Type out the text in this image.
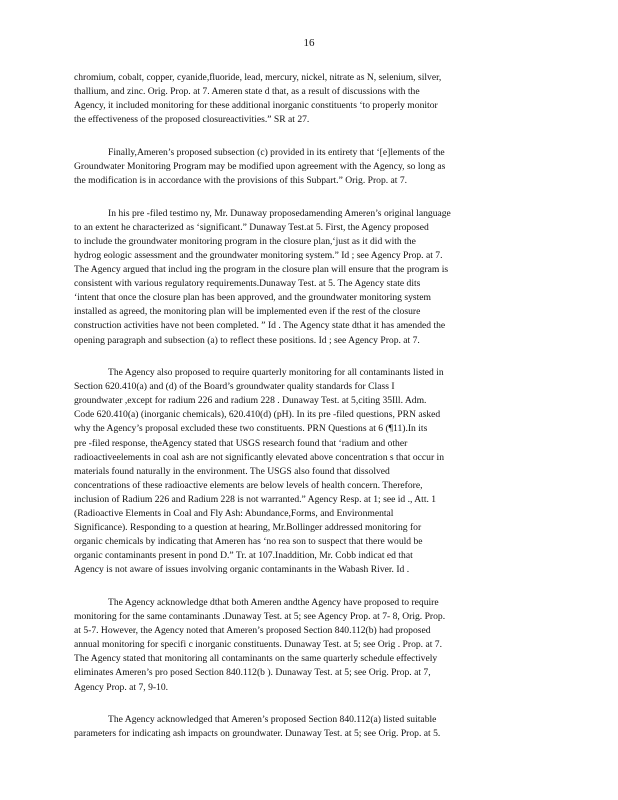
16

chromium, cobalt, copper, cyanide,fluoride, lead, mercury, nickel, nitrate as N, selenium, silver,
thallium, and zinc. Orig. Prop. at 7. Ameren state d that, as a result of discussions with the
Agency, it included monitoring for these additional inorganic constituents ‘to properly monitor
the effectiveness of the proposed closureactivities.” SR at 27.

Finally,Ameren’s proposed subsection (c) provided in its entirety that ‘[e]lements of the
Groundwater Monitoring Program may be modified upon agreement with the Agency, so long as
the modification is in accordance with the provisions of this Subpart.” Orig. Prop. at 7.

In his pre -filed testimo ny, Mr. Dunaway proposedamending Ameren’s original language
to an extent he characterized as ‘significant.” Dunaway Test.at 5. First, the Agency proposed
to include the groundwater monitoring program in the closure plan,‘just as it did with the
hydrog eologic assessment and the groundwater monitoring system.” Id ; see Agency Prop. at 7.
The Agency argued that includ ing the program in the closure plan will ensure that the program is
consistent with various regulatory requirements.Dunaway Test. at 5. The Agency state dits
‘intent that once the closure plan has been approved, and the groundwater monitoring system
installed as agreed, the monitoring plan will be implemented even if the rest of the closure
construction activities have not been completed. ” Id . The Agency state dthat it has amended the
opening paragraph and subsection (a) to reflect these positions. Id ; see Agency Prop. at 7.

The Agency also proposed to require quarterly monitoring for all contaminants listed in
Section 620.410(a) and (d) of the Board’s groundwater quality standards for Class I
groundwater ,except for radium 226 and radium 228 . Dunaway Test. at 5,citing 35Ill. Adm.
Code 620.410(a) (inorganic chemicals), 620.410(d) (pH). In its pre -filed questions, PRN asked
why the Agency’s proposal excluded these two constituents. PRN Questions at 6 (¶11).In its
pre -filed response, theAgency stated that USGS research found that ‘radium and other
radioactiveelements in coal ash are not significantly elevated above concentration s that occur in
materials found naturally in the environment. The USGS also found that dissolved
concentrations of these radioactive elements are below levels of health concern. Therefore,
inclusion of Radium 226 and Radium 228 is not warranted.” Agency Resp. at 1; see id ., Att. 1
(Radioactive Elements in Coal and Fly Ash: Abundance,Forms, and Environmental
Significance). Responding to a question at hearing, Mr.Bollinger addressed monitoring for
organic chemicals by indicating that Ameren has ‘no rea son to suspect that there would be
organic contaminants present in pond D.” Tr. at 107.Inaddition, Mr. Cobb indicat ed that
Agency is not aware of issues involving organic contaminants in the Wabash River. Id .

The Agency acknowledge dthat both Ameren andthe Agency have proposed to require
monitoring for the same contaminants .Dunaway Test. at 5; see Agency Prop. at 7- 8, Orig. Prop.
at 5-7. However, the Agency noted that Ameren’s proposed Section 840.112(b) had proposed
annual monitoring for specifi c inorganic constituents. Dunaway Test. at 5; see Orig . Prop. at 7.
The Agency stated that monitoring all contaminants on the same quarterly schedule effectively
eliminates Ameren’s pro posed Section 840.112(b ). Dunaway Test. at 5; see Orig. Prop. at 7,
Agency Prop. at 7, 9-10.

The Agency acknowledged that Ameren’s proposed Section 840.112(a) listed suitable
parameters for indicating ash impacts on groundwater. Dunaway Test. at 5; see Orig. Prop. at 5.
